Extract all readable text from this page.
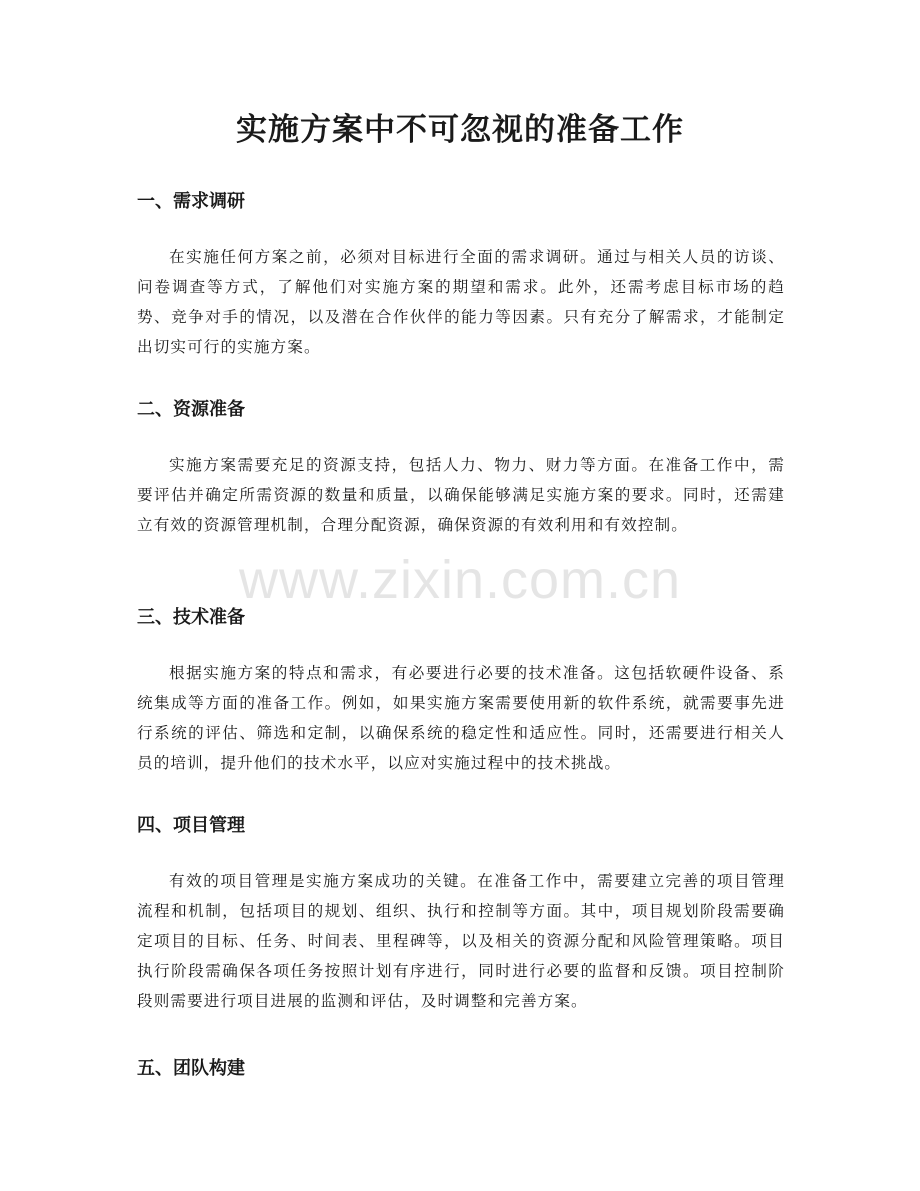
实施方案中不可忽视的准备工作
一、需求调研

在实施任何方案之前，必须对目标进行全面的需求调研。通过与相关人员的访谈、问卷调查等方式，了解他们对实施方案的期望和需求。此外，还需考虑目标市场的趋势、竞争对手的情况，以及潜在合作伙伴的能力等因素。只有充分了解需求，才能制定出切实可行的实施方案。

二、资源准备

实施方案需要充足的资源支持，包括人力、物力、财力等方面。在准备工作中，需要评估并确定所需资源的数量和质量，以确保能够满足实施方案的要求。同时，还需建立有效的资源管理机制，合理分配资源，确保资源的有效利用和有效控制。

三、技术准备

根据实施方案的特点和需求，有必要进行必要的技术准备。这包括软硬件设备、系统集成等方面的准备工作。例如，如果实施方案需要使用新的软件系统，就需要事先进行系统的评估、筛选和定制，以确保系统的稳定性和适应性。同时，还需要进行相关人员的培训，提升他们的技术水平，以应对实施过程中的技术挑战。

四、项目管理

有效的项目管理是实施方案成功的关键。在准备工作中，需要建立完善的项目管理流程和机制，包括项目的规划、组织、执行和控制等方面。其中，项目规划阶段需要确定项目的目标、任务、时间表、里程碑等，以及相关的资源分配和风险管理策略。项目执行阶段需确保各项任务按照计划有序进行，同时进行必要的监督和反馈。项目控制阶段则需要进行项目进展的监测和评估，及时调整和完善方案。

五、团队构建
www.zixin.com.cn
